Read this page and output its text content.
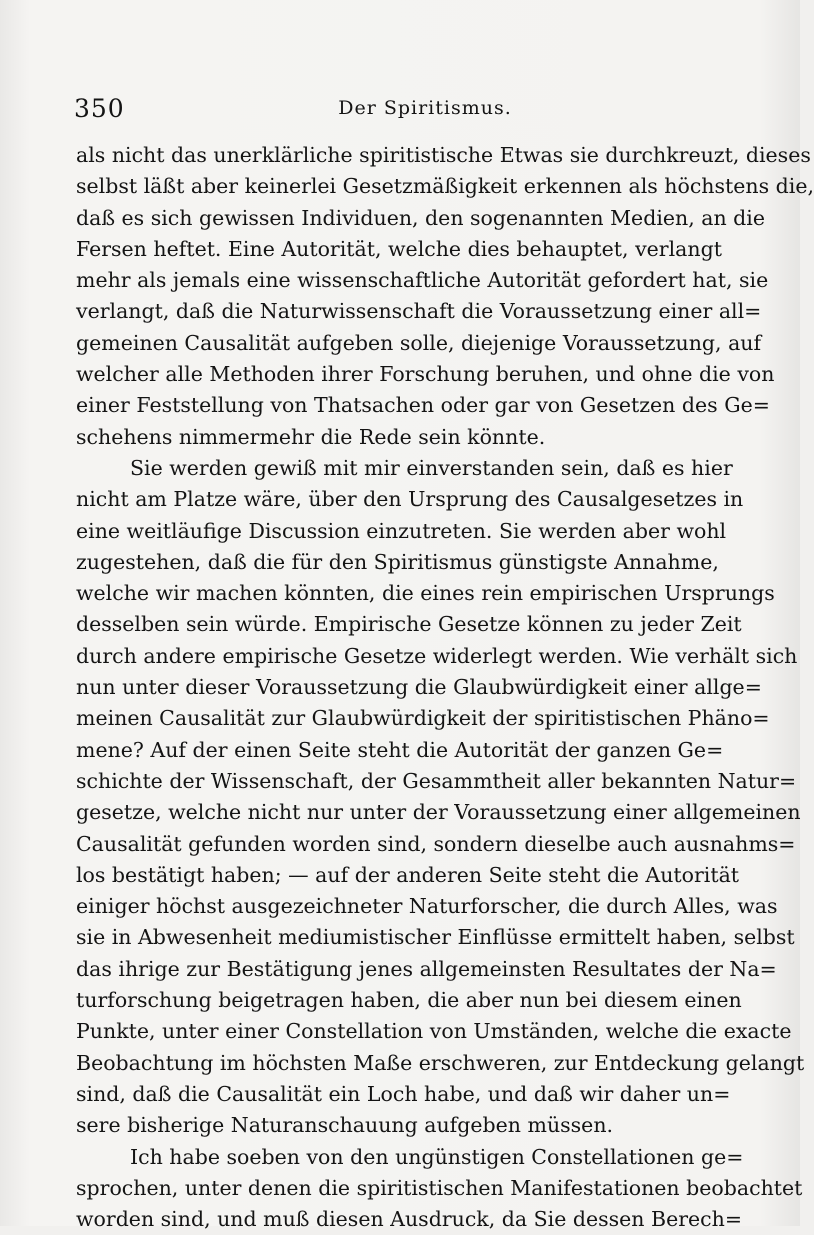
350	Der Spiritismus.
als nicht das unerklärliche spiritistische Etwas sie durchkreuzt, dieses
selbst läßt aber keinerlei Gesetzmäßigkeit erkennen als höchstens die,
daß es sich gewissen Individuen, den sogenannten Medien, an die
Fersen heftet. Eine Autorität, welche dies behauptet, verlangt
mehr als jemals eine wissenschaftliche Autorität gefordert hat, sie
verlangt, daß die Naturwissenschaft die Voraussetzung einer all=
gemeinen Causalität aufgeben solle, diejenige Voraussetzung, auf
welcher alle Methoden ihrer Forschung beruhen, und ohne die von
einer Feststellung von Thatsachen oder gar von Gesetzen des Ge=
schehens nimmermehr die Rede sein könnte.
Sie werden gewiß mit mir einverstanden sein, daß es hier
nicht am Platze wäre, über den Ursprung des Causalgesetzes in
eine weitläufige Discussion einzutreten. Sie werden aber wohl
zugestehen, daß die für den Spiritismus günstigste Annahme,
welche wir machen könnten, die eines rein empirischen Ursprungs
desselben sein würde. Empirische Gesetze können zu jeder Zeit
durch andere empirische Gesetze widerlegt werden. Wie verhält sich
nun unter dieser Voraussetzung die Glaubwürdigkeit einer allge=
meinen Causalität zur Glaubwürdigkeit der spiritistischen Phäno=
mene? Auf der einen Seite steht die Autorität der ganzen Ge=
schichte der Wissenschaft, der Gesammtheit aller bekannten Natur=
gesetze, welche nicht nur unter der Voraussetzung einer allgemeinen
Causalität gefunden worden sind, sondern dieselbe auch ausnahms=
los bestätigt haben; — auf der anderen Seite steht die Autorität
einiger höchst ausgezeichneter Naturforscher, die durch Alles, was
sie in Abwesenheit mediumistischer Einflüsse ermittelt haben, selbst
das ihrige zur Bestätigung jenes allgemeinsten Resultates der Na=
turforschung beigetragen haben, die aber nun bei diesem einen
Punkte, unter einer Constellation von Umständen, welche die exacte
Beobachtung im höchsten Maße erschweren, zur Entdeckung gelangt
sind, daß die Causalität ein Loch habe, und daß wir daher un=
sere bisherige Naturanschauung aufgeben müssen.
Ich habe soeben von den ungünstigen Constellationen ge=
sprochen, unter denen die spiritistischen Manifestationen beobachtet
worden sind, und muß diesen Ausdruck, da Sie dessen Berech=
